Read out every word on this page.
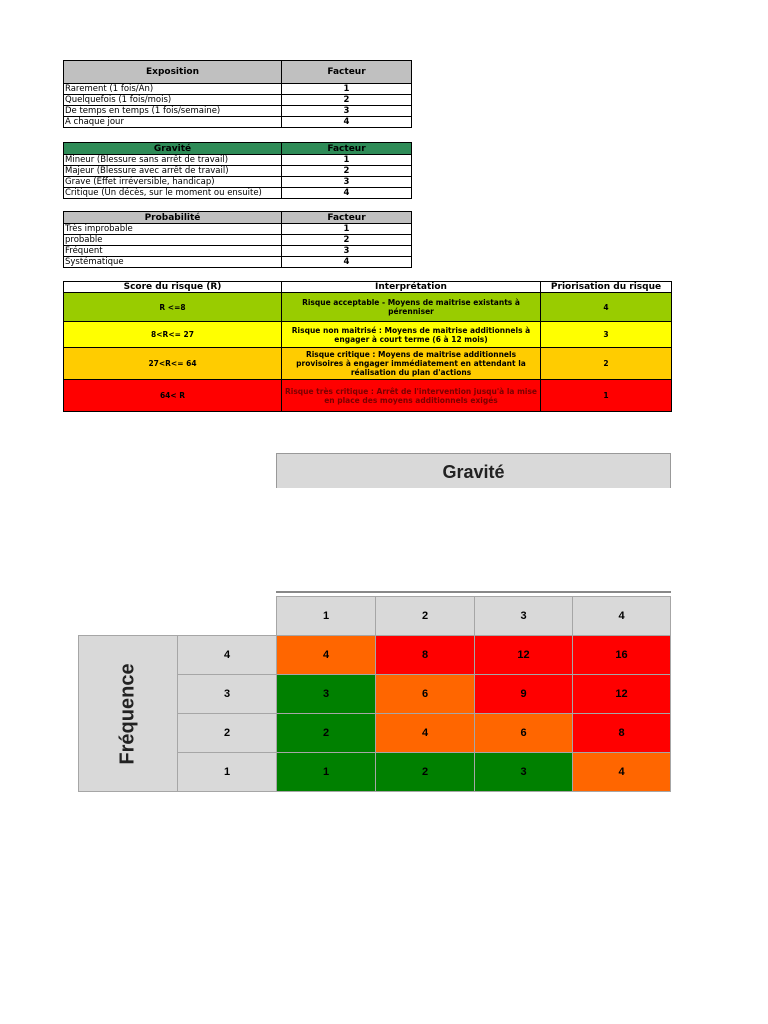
Exposition	Facteur
Rarement (1 fois/An)	1
Quelquefois (1 fois/mois)	2
De temps en temps (1 fois/semaine)	3
A chaque jour	4
Gravité	Facteur
Mineur (Blessure sans arrêt de travail)	1
Majeur (Blessure avec arrêt de travail)	2
Grave (Effet irréversible, handicap)	3
Critique (Un décès, sur le moment ou ensuite)	4
Probabilité	Facteur
Très improbable	1
probable	2
Fréquent	3
Systématique	4
Score du risque (R)	Interprétation	Priorisation du risque
R <=8	Risque acceptable - Moyens de maitrise existants à pérenniser	4
8<R<= 27	Risque non maitrisé : Moyens de maitrise additionnels à engager à court terme (6 à 12 mois)	3
27<R<= 64	Risque critique : Moyens de maitrise additionnels provisoires à engager immédiatement en attendant la réalisation du plan d'actions	2
64< R	Risque très critique : Arrêt de l'intervention jusqu'à la mise en place des moyens additionnels exigés	1
Gravité
		1	2	3	4

Fréquence	4	4	8	12	16
	3	3	6	9	12
	2	2	4	6	8
	1	1	2	3	4
